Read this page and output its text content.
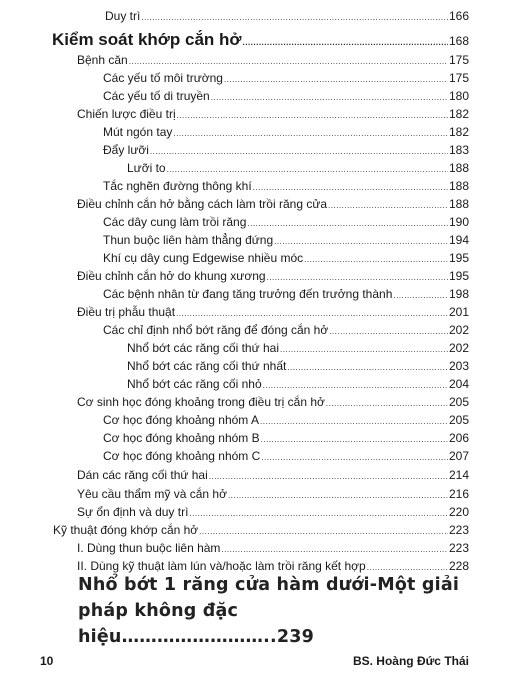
Duy trì .....	166
Kiểm soát khớp cắn hở .....	168
Bệnh căn .....	175
Các yếu tố môi trường .....	175
Các yếu tố di truyền .....	180
Chiến lược điều trị .....	182
Mút ngón tay .....	182
Đẩy lưỡi .....	183
Lưỡi to .....	188
Tắc nghẽn đường thông khí .....	188
Điều chỉnh cắn hở bằng cách làm trồi răng cửa .....	188
Các dây cung làm trồi răng .....	190
Thun buộc liên hàm thẳng đứng .....	194
Khí cụ dây cung Edgewise nhiều móc .....	195
Điều chỉnh cắn hở do khung xương .....	195
Các bệnh nhân từ đang tăng trưởng đến trưởng thành .....	198
Điều trị phẫu thuật .....	201
Các chỉ định nhổ bớt răng để đóng cắn hở .....	202
Nhổ bớt các răng cối thứ hai .....	202
Nhổ bớt các răng cối thứ nhất .....	203
Nhổ bớt các răng cối nhỏ .....	204
Cơ sinh học đóng khoảng trong điều trị cắn hở .....	205
Cơ học đóng khoảng nhóm A .....	205
Cơ học đóng khoảng nhóm B .....	206
Cơ học đóng khoảng nhóm C .....	207
Dán các răng cối thứ hai .....	214
Yêu cầu thẩm mỹ và cắn hở .....	216
Sự ổn định và duy trì .....	220
Kỹ thuật đóng khớp cắn hở .....	223
I. Dùng thun buộc liên hàm .....	223
II. Dùng kỹ thuật làm lún và/hoặc làm trồi răng kết hợp .....	228
Nhổ bớt 1 răng cửa hàm dưới-Một giải pháp không đặc hiệu……………………..239
10	BS. Hoàng Đức Thái
